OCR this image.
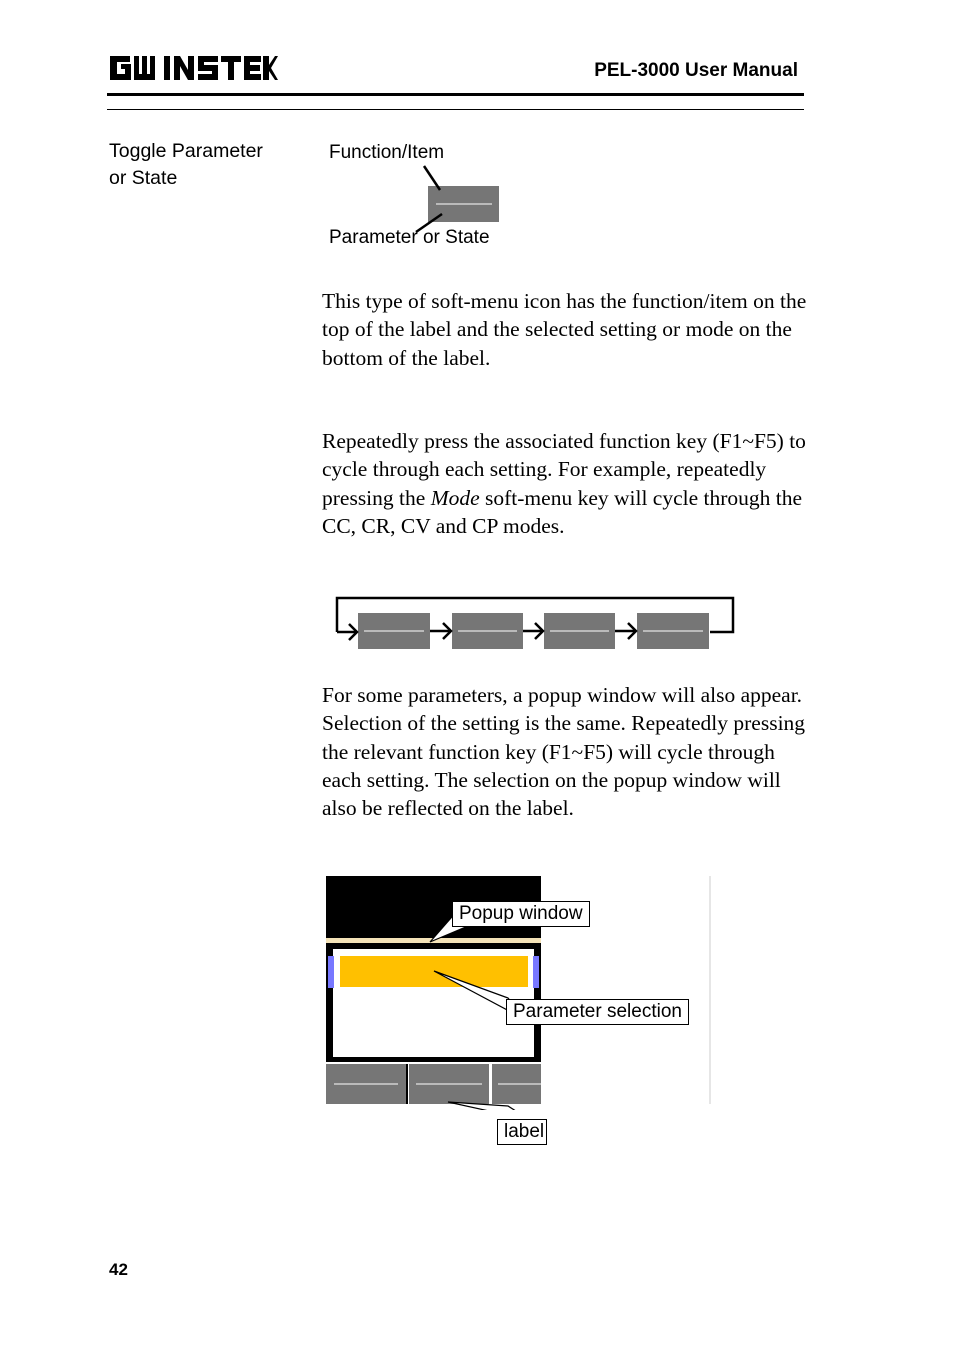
PEL-3000 User Manual
Toggle Parameter
or State
Function/Item
Parameter or State
This type of soft-menu icon has the function/item on the top of the label and the selected setting or mode on the bottom of the label.
Repeatedly press the associated function key (F1~F5) to cycle through each setting. For example, repeatedly pressing the Mode soft-menu key will cycle through the CC, CR, CV and CP modes.
For some parameters, a popup window will also appear. Selection of the setting is the same. Repeatedly pressing the relevant function key (F1~F5) will cycle through each setting. The selection on the popup window will also be reflected on the label.
Popup window
Parameter selection
label
42
